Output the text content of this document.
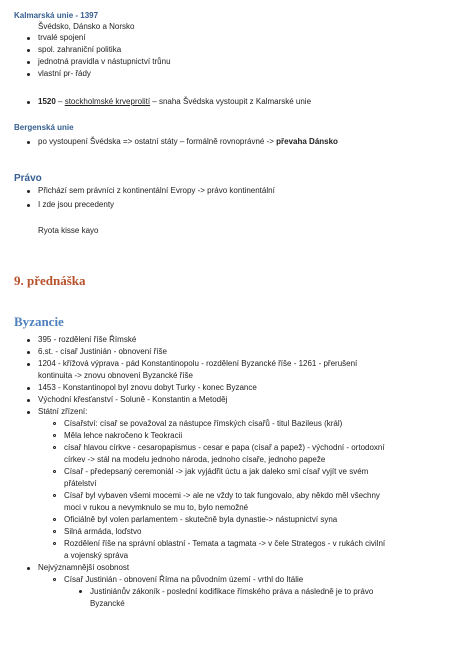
Kalmarská unie - 1397
Švédsko, Dánsko a Norsko
trvalé spojení
spol. zahraniční politika
jednotná pravidla v nástupnictví trůnu
vlastní pr- řády
1520 – stockholmské krveprolití – snaha Švédska vystoupit z Kalmarské unie
Bergenská unie
po vystoupení Švédska => ostatní státy – formálně rovnoprávné -> převaha Dánsko
Právo
Přichází sem právníci z kontinentální Evropy -> právo kontinentální
I zde jsou precedenty
Ryota kisse kayo
9. přednáška
Byzancie
395 - rozdělení říše Římské
6.st. - císař Justinián - obnovení říše
1204 - křížová výprava - pád Konstantinopolu - rozdělení Byzancké říše - 1261 - přerušení
kontinuita -> znovu obnovení Byzancké říše
1453 - Konstantinopol byl znovu dobyt Turky - konec Byzance
Východní křesťanství - Soluně - Konstantin a Metoděj
Státní zřízení:
Císařství: císař se považoval za nástupce římských císařů - titul Bazileus (král)
Měla lehce nakročeno k Teokracii
císař hlavou církve - cesaropapismus - cesar e papa (císař a papež) - východní - ortodoxní
církev -> stál na modelu jednoho národa, jednoho císaře, jednoho papeže
Císař - předepsaný ceremoniál -> jak vyjádřit úctu a jak daleko smí císař vyjít ve svém
přátelství
Císař byl vybaven všemi mocemi -> ale ne vždy to tak fungovalo, aby někdo měl všechny
moci v rukou a nevymknulo se mu to, bylo nemožné
Oficiálně byl volen parlamentem - skutečně byla dynastie-> nástupnictví syna
Silná armáda, loďstvo
Rozdělení říše na správní oblastní - Temata a tagmata -> v čele Strategos - v rukách civilní
a vojenský správa
Nejvýznamnější osobnost
Císař Justinián - obnovení Říma na původním území - vrthl do Itálie
Justiniánův zákoník - poslední kodifikace římského práva a následně je to právo
Byzancké
